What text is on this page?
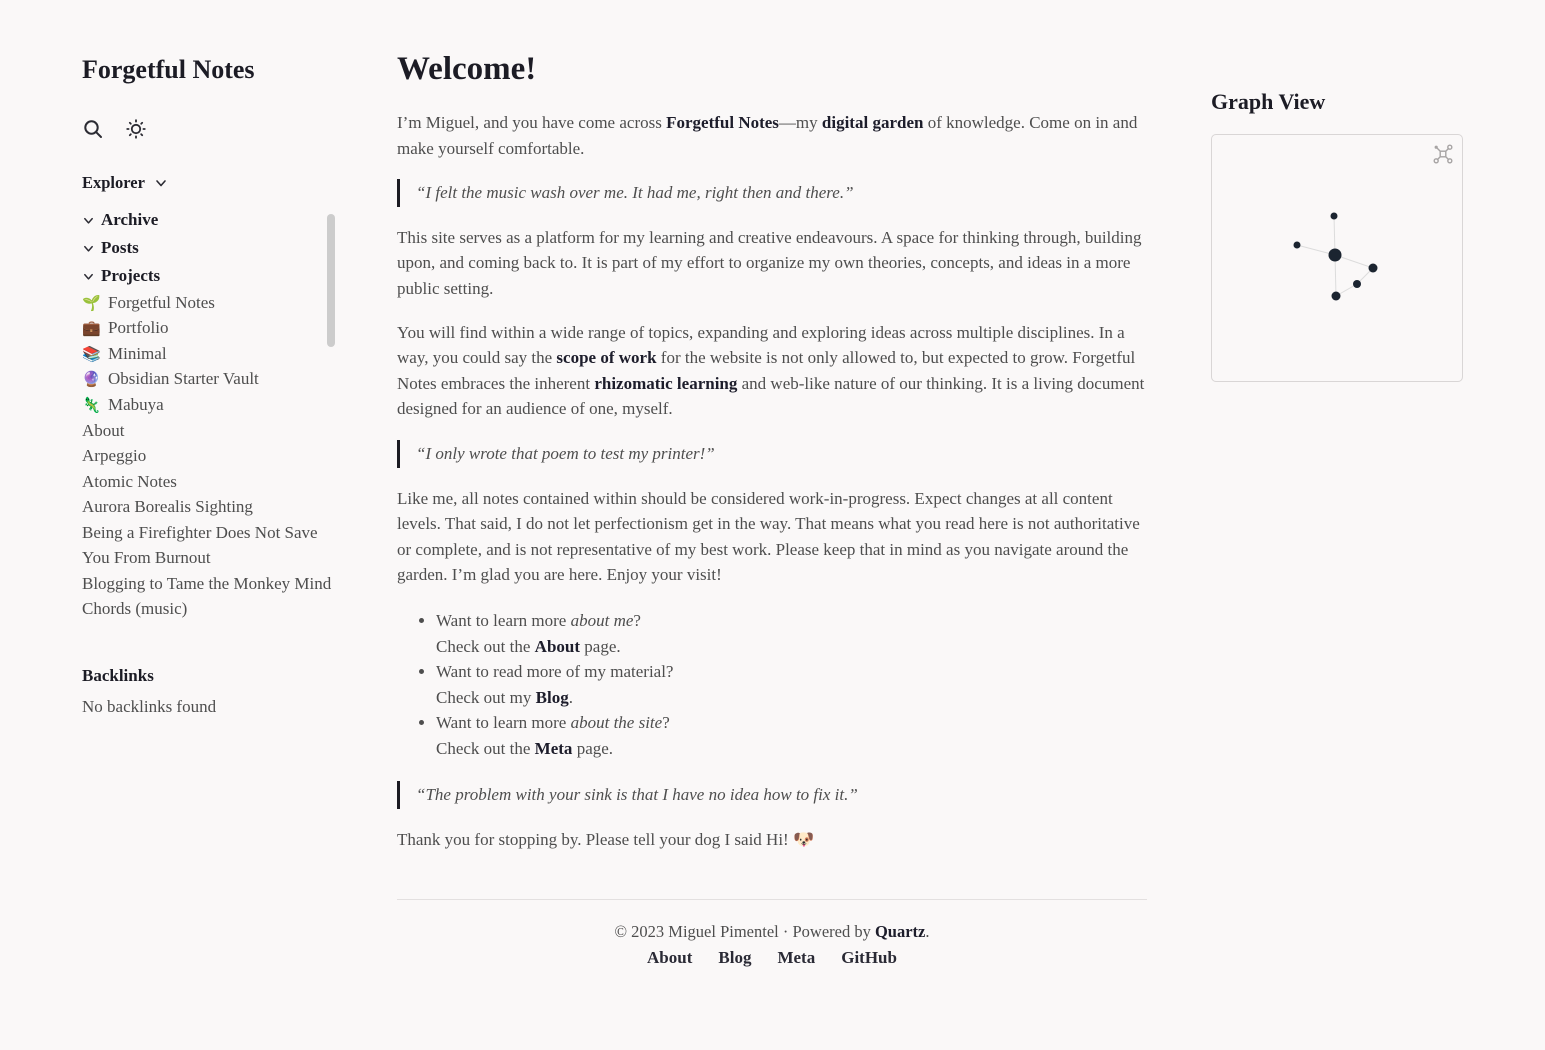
Forgetful Notes
Explorer
Archive
Posts
Projects
🌱 Forgetful Notes
💼 Portfolio
📚 Minimal
🔮 Obsidian Starter Vault
🦎 Mabuya
About
Arpeggio
Atomic Notes
Aurora Borealis Sighting
Being a Firefighter Does Not Save You From Burnout
Blogging to Tame the Monkey Mind
Chords (music)
Backlinks
No backlinks found
Welcome!

I’m Miguel, and you have come across Forgetful Notes—my digital garden of knowledge. Come on in and make yourself comfortable.

“I felt the music wash over me. It had me, right then and there.”

This site serves as a platform for my learning and creative endeavours. A space for thinking through, building upon, and coming back to. It is part of my effort to organize my own theories, concepts, and ideas in a more public setting.

You will find within a wide range of topics, expanding and exploring ideas across multiple disciplines. In a way, you could say the scope of work for the website is not only allowed to, but expected to grow. Forgetful Notes embraces the inherent rhizomatic learning and web-like nature of our thinking. It is a living document designed for an audience of one, myself.

“I only wrote that poem to test my printer!”

Like me, all notes contained within should be considered work-in-progress. Expect changes at all content levels. That said, I do not let perfectionism get in the way. That means what you read here is not authoritative or complete, and is not representative of my best work. Please keep that in mind as you navigate around the garden. I’m glad you are here. Enjoy your visit!

• Want to learn more about me?
Check out the About page.
• Want to read more of my material?
Check out my Blog.
• Want to learn more about the site?
Check out the Meta page.
“The problem with your sink is that I have no idea how to fix it.”

Thank you for stopping by. Please tell your dog I said Hi! 🐶

© 2023 Miguel Pimentel · Powered by Quartz.
About Blog Meta GitHub
Graph View
